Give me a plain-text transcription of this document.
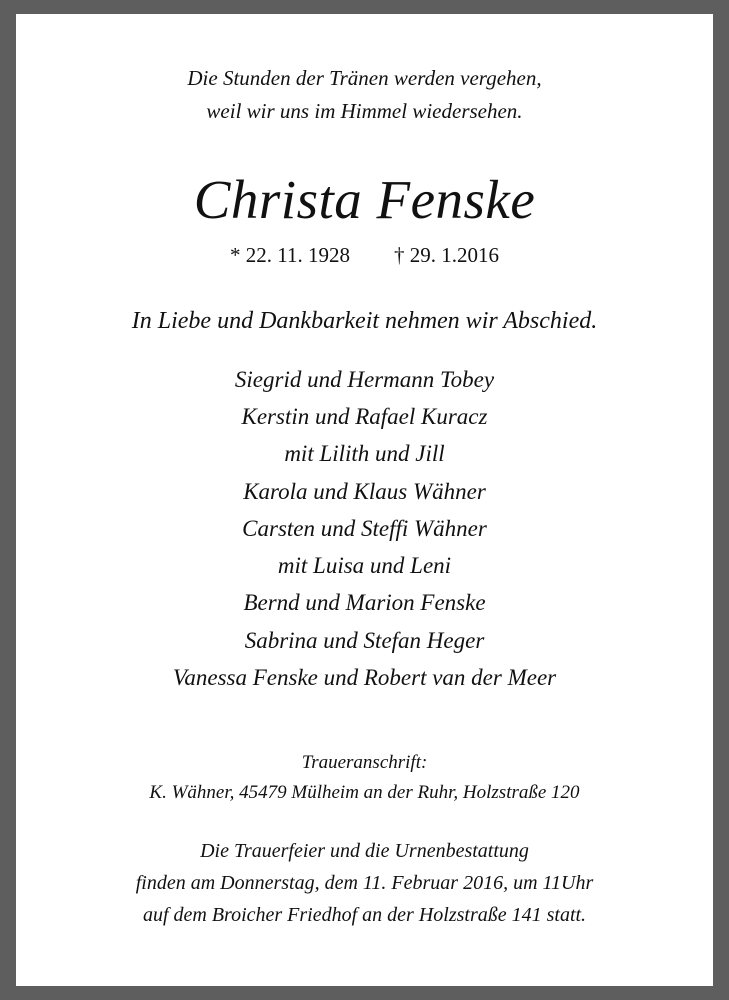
Die Stunden der Tränen werden vergehen,
weil wir uns im Himmel wiedersehen.
Christa Fenske
* 22. 11. 1928 † 29. 1.2016
In Liebe und Dankbarkeit nehmen wir Abschied.
Siegrid und Hermann Tobey
Kerstin und Rafael Kuracz
mit Lilith und Jill
Karola und Klaus Wähner
Carsten und Steffi Wähner
mit Luisa und Leni
Bernd und Marion Fenske
Sabrina und Stefan Heger
Vanessa Fenske und Robert van der Meer
Traueranschrift:
K. Wähner, 45479 Mülheim an der Ruhr, Holzstraße 120
Die Trauerfeier und die Urnenbestattung
finden am Donnerstag, dem 11. Februar 2016, um 11Uhr
auf dem Broicher Friedhof an der Holzstraße 141 statt.
